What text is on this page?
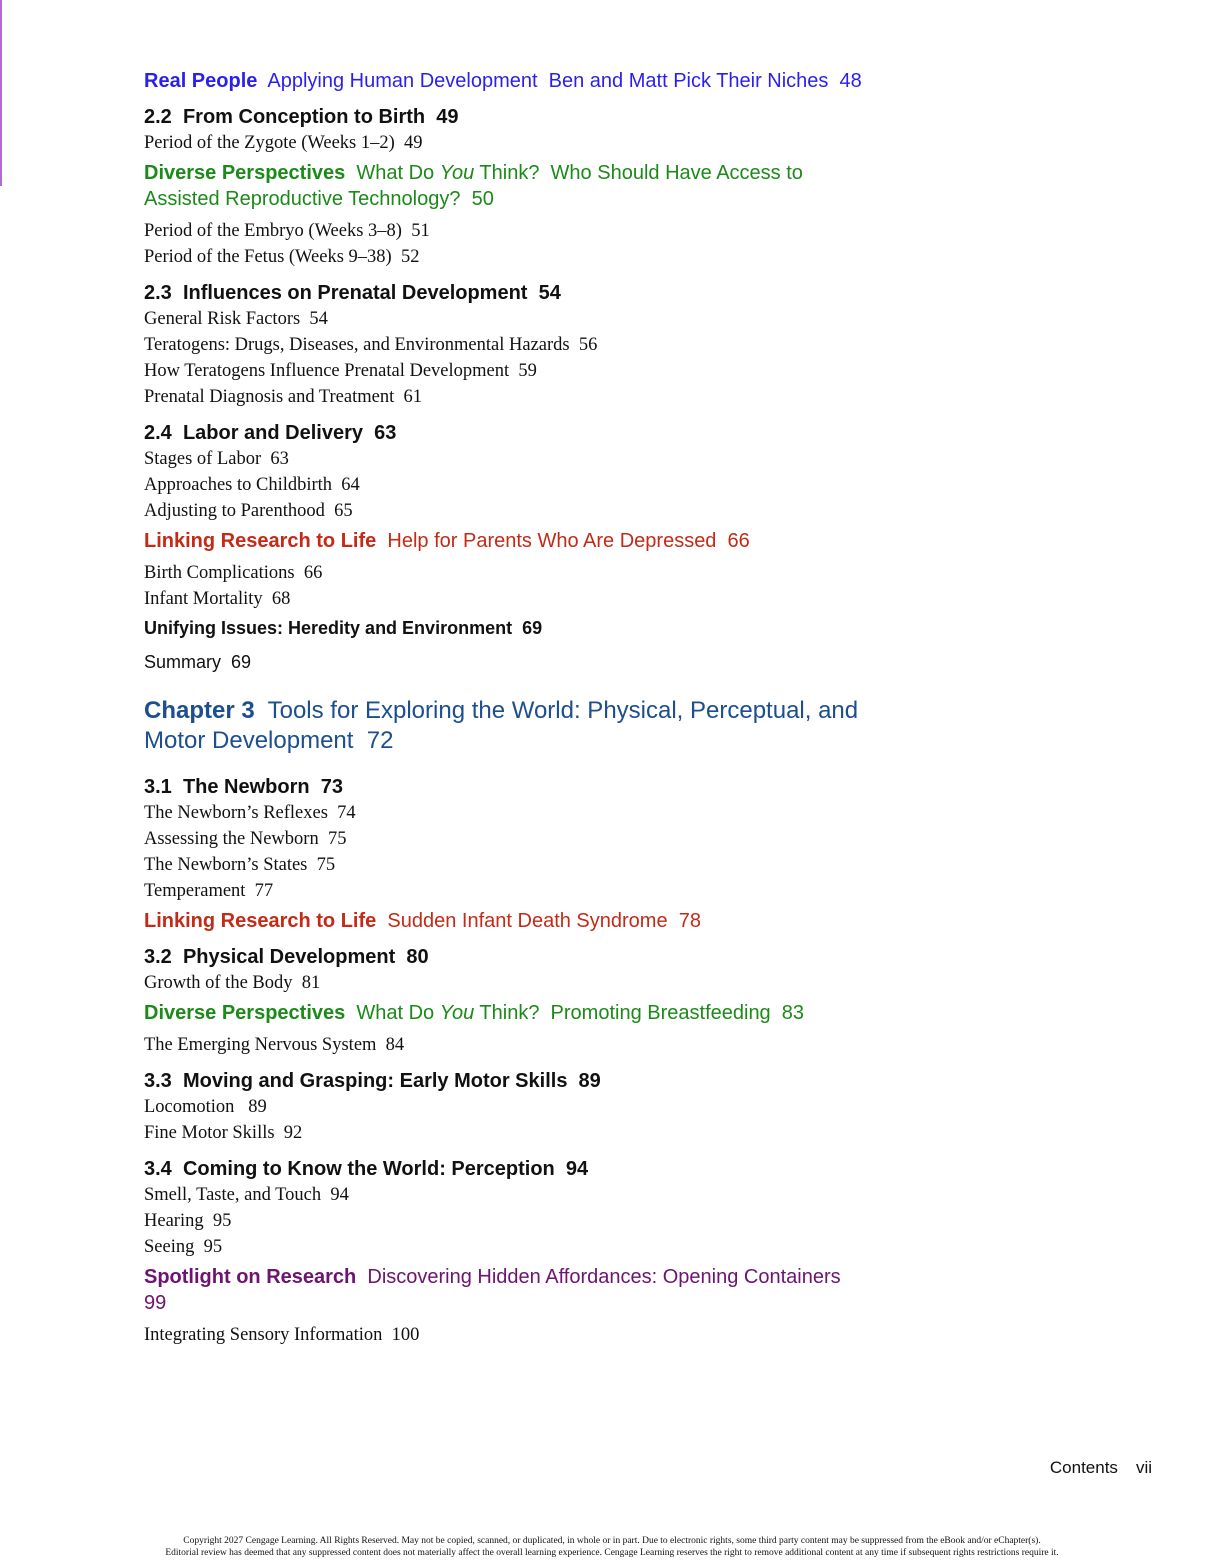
Real People Applying Human Development  Ben and Matt Pick Their Niches  48
2.2 From Conception to Birth  49
Period of the Zygote (Weeks 1–2)  49
Diverse Perspectives What Do You Think?  Who Should Have Access to Assisted Reproductive Technology?  50
Period of the Embryo (Weeks 3–8)  51
Period of the Fetus (Weeks 9–38)  52
2.3 Influences on Prenatal Development  54
General Risk Factors  54
Teratogens: Drugs, Diseases, and Environmental Hazards  56
How Teratogens Influence Prenatal Development  59
Prenatal Diagnosis and Treatment  61
2.4 Labor and Delivery  63
Stages of Labor  63
Approaches to Childbirth  64
Adjusting to Parenthood  65
Linking Research to Life Help for Parents Who Are Depressed  66
Birth Complications  66
Infant Mortality  68
Unifying Issues: Heredity and Environment  69
Summary  69
Chapter 3 Tools for Exploring the World: Physical, Perceptual, and Motor Development  72
3.1 The Newborn  73
The Newborn’s Reflexes  74
Assessing the Newborn  75
The Newborn’s States  75
Temperament  77
Linking Research to Life Sudden Infant Death Syndrome  78
3.2 Physical Development  80
Growth of the Body  81
Diverse Perspectives What Do You Think?  Promoting Breastfeeding  83
The Emerging Nervous System  84
3.3 Moving and Grasping: Early Motor Skills  89
Locomotion   89
Fine Motor Skills  92
3.4 Coming to Know the World: Perception  94
Smell, Taste, and Touch  94
Hearing  95
Seeing  95
Spotlight on Research Discovering Hidden Affordances: Opening Containers  99
Integrating Sensory Information  100
Contents vii
Copyright 2027 Cengage Learning. All Rights Reserved. May not be copied, scanned, or duplicated, in whole or in part. Due to electronic rights, some third party content may be suppressed from the eBook and/or eChapter(s).
Editorial review has deemed that any suppressed content does not materially affect the overall learning experience. Cengage Learning reserves the right to remove additional content at any time if subsequent rights restrictions require it.
